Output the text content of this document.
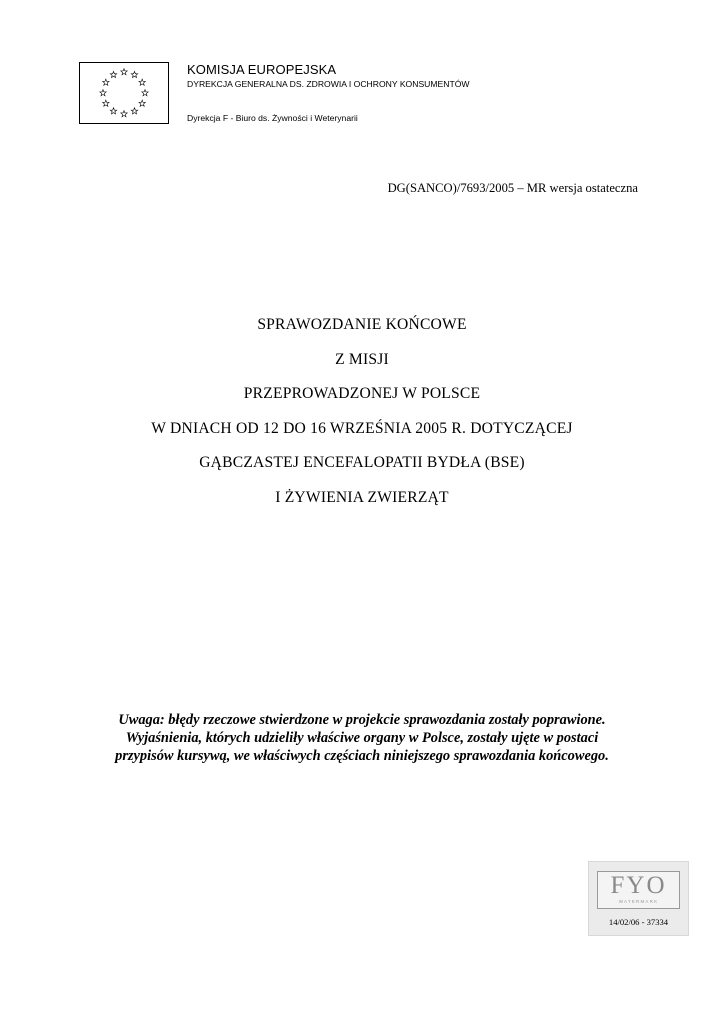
KOMISJA EUROPEJSKA
DYREKCJA GENERALNA DS. ZDROWIA I OCHRONY KONSUMENTÓW
Dyrekcja F - Biuro ds. Żywności i Weterynarii
DG(SANCO)/7693/2005 – MR wersja ostateczna
SPRAWOZDANIE KOŃCOWE
Z MISJI
PRZEPROWADZONEJ W POLSCE
W DNIACH OD 12 DO 16 WRZEŚNIA 2005 R. DOTYCZĄCEJ
GĄBCZASTEJ ENCEFALOPATII BYDŁA (BSE)
I ŻYWIENIA ZWIERZĄT
Uwaga: błędy rzeczowe stwierdzone w projekcie sprawozdania zostały poprawione.
Wyjaśnienia, których udzieliły właściwe organy w Polsce, zostały ujęte w postaci
przypisów kursywą, we właściwych częściach niniejszego sprawozdania końcowego.
FYO
WATERMARK
14/02/06 - 37334
